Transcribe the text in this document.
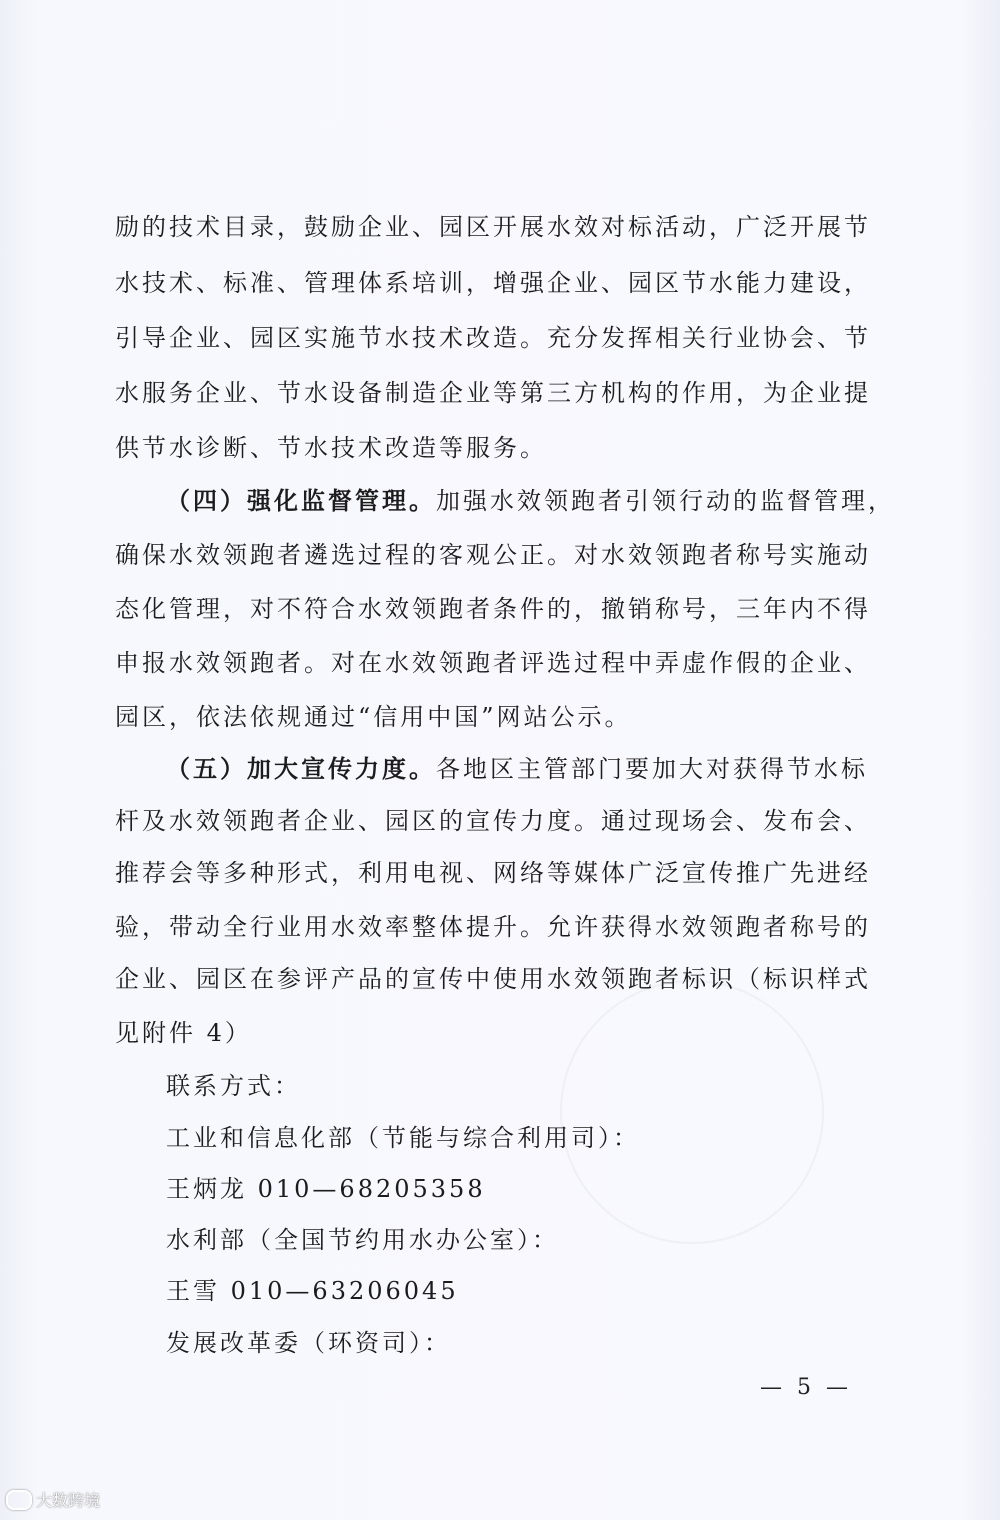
励的技术目录，鼓励企业、园区开展水效对标活动，广泛开展节
水技术、标准、管理体系培训，增强企业、园区节水能力建设，
引导企业、园区实施节水技术改造。充分发挥相关行业协会、节
水服务企业、节水设备制造企业等第三方机构的作用，为企业提
供节水诊断、节水技术改造等服务。
（四）强化监督管理。加强水效领跑者引领行动的监督管理，
确保水效领跑者遴选过程的客观公正。对水效领跑者称号实施动
态化管理，对不符合水效领跑者条件的，撤销称号，三年内不得
申报水效领跑者。对在水效领跑者评选过程中弄虚作假的企业、
园区，依法依规通过“信用中国”网站公示。
（五）加大宣传力度。各地区主管部门要加大对获得节水标
杆及水效领跑者企业、园区的宣传力度。通过现场会、发布会、
推荐会等多种形式，利用电视、网络等媒体广泛宣传推广先进经
验，带动全行业用水效率整体提升。允许获得水效领跑者称号的
企业、园区在参评产品的宣传中使用水效领跑者标识（标识样式
见附件 4）
联系方式：
工业和信息化部（节能与综合利用司）：
王炳龙 010—68205358
水利部（全国节约用水办公室）：
王雪 010—63206045
发展改革委（环资司）：
— 5 —
大数跨境
